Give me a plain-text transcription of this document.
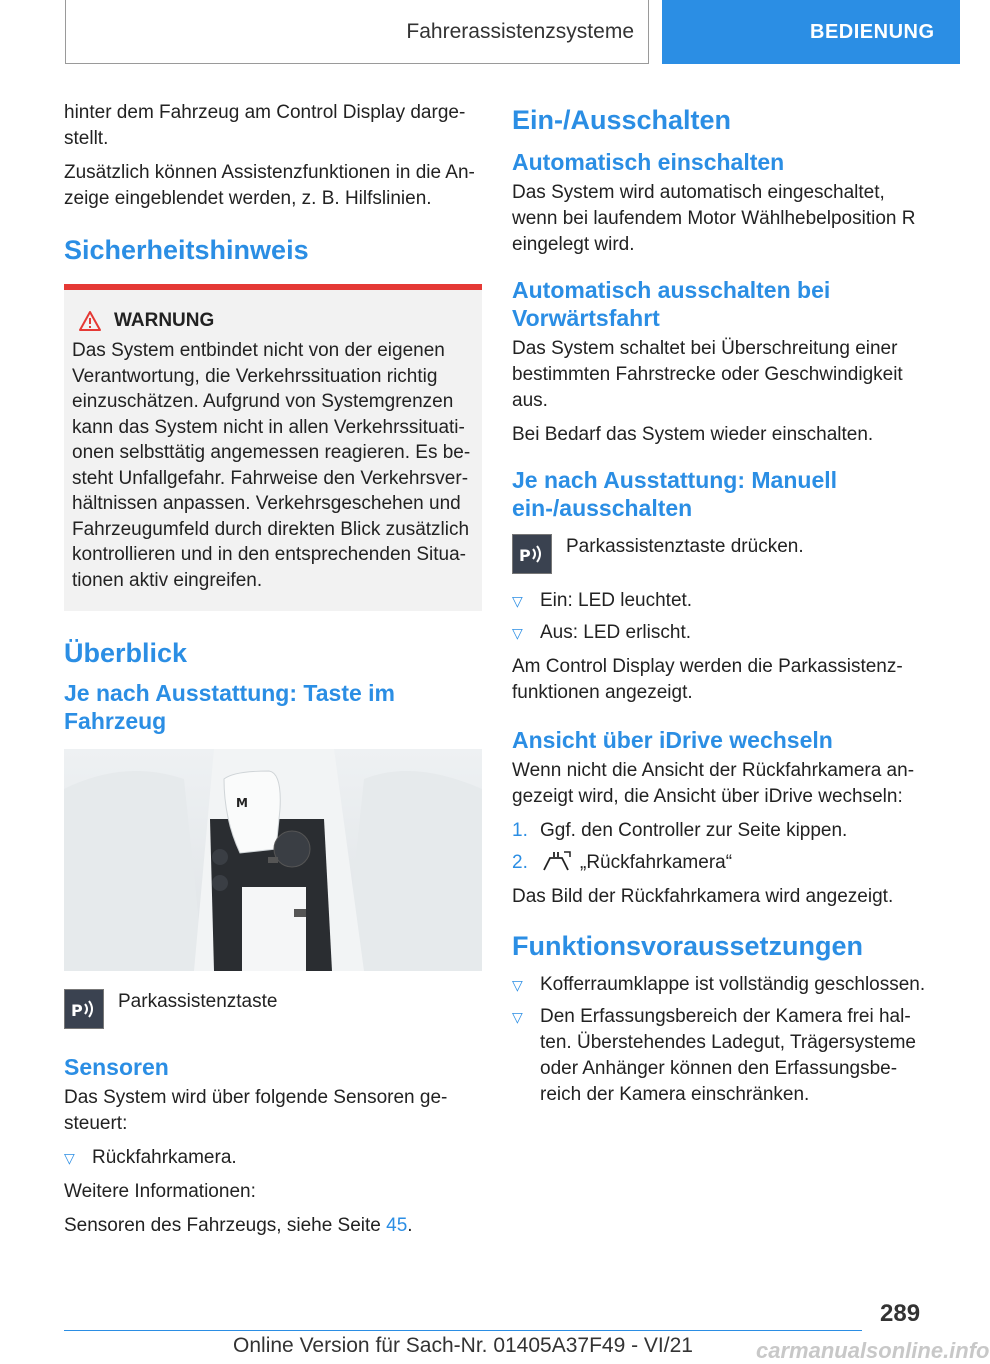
Fahrerassistenzsysteme	BEDIENUNG

hinter dem Fahrzeug am Control Display darge-
stellt.

Zusätzlich können Assistenzfunktionen in die An-
zeige eingeblendet werden, z. B. Hilfslinien.

Sicherheitshinweis
WARNUNG

Das System entbindet nicht von der eigenen Verantwortung, die Verkehrssituation richtig einzuschätzen. Aufgrund von Systemgrenzen kann das System nicht in allen Verkehrssituati-onen selbsttätig angemessen reagieren. Es be-steht Unfallgefahr. Fahrweise den Verkehrsver-hältnissen anpassen. Verkehrsgeschehen und Fahrzeugumfeld durch direkten Blick zusätzlich kontrollieren und in den entsprechenden Situa-tionen aktiv eingreifen.

Überblick
Je nach Ausstattung: Taste im Fahrzeug
M
P Parkassistenztaste

Sensoren

Das System wird über folgende Sensoren ge-
steuert:

▽ Rückfahrkamera.

Weitere Informationen:

Sensoren des Fahrzeugs, siehe Seite 45.

Ein-/Ausschalten
Automatisch einschalten

Das System wird automatisch eingeschaltet, wenn bei laufendem Motor Wählhebelposition R eingelegt wird.

Automatisch ausschalten bei Vorwärtsfahrt

Das System schaltet bei Überschreitung einer bestimmten Fahrstrecke oder Geschwindigkeit aus.

Bei Bedarf das System wieder einschalten.

Je nach Ausstattung: Manuell ein-/ausschalten
P Parkassistenztaste drücken.

▽ Ein: LED leuchtet.
▽ Aus: LED erlischt.

Am Control Display werden die Parkassistenz-
funktionen angezeigt.

Ansicht über iDrive wechseln

Wenn nicht die Ansicht der Rückfahrkamera an-
gezeigt wird, die Ansicht über iDrive wechseln:

1. Ggf. den Controller zur Seite kippen.
2.	„Rückfahrkamera“

Das Bild der Rückfahrkamera wird angezeigt.

Funktionsvoraussetzungen
▽ Kofferraumklappe ist vollständig geschlossen.
▽ Den Erfassungsbereich der Kamera frei hal-
ten. Überstehendes Ladegut, Trägersysteme
oder Anhänger können den Erfassungsbe-
reich der Kamera einschränken.
289
Online Version für Sach-Nr. 01405A37F49 - VI/21	carmanualsonline.info
